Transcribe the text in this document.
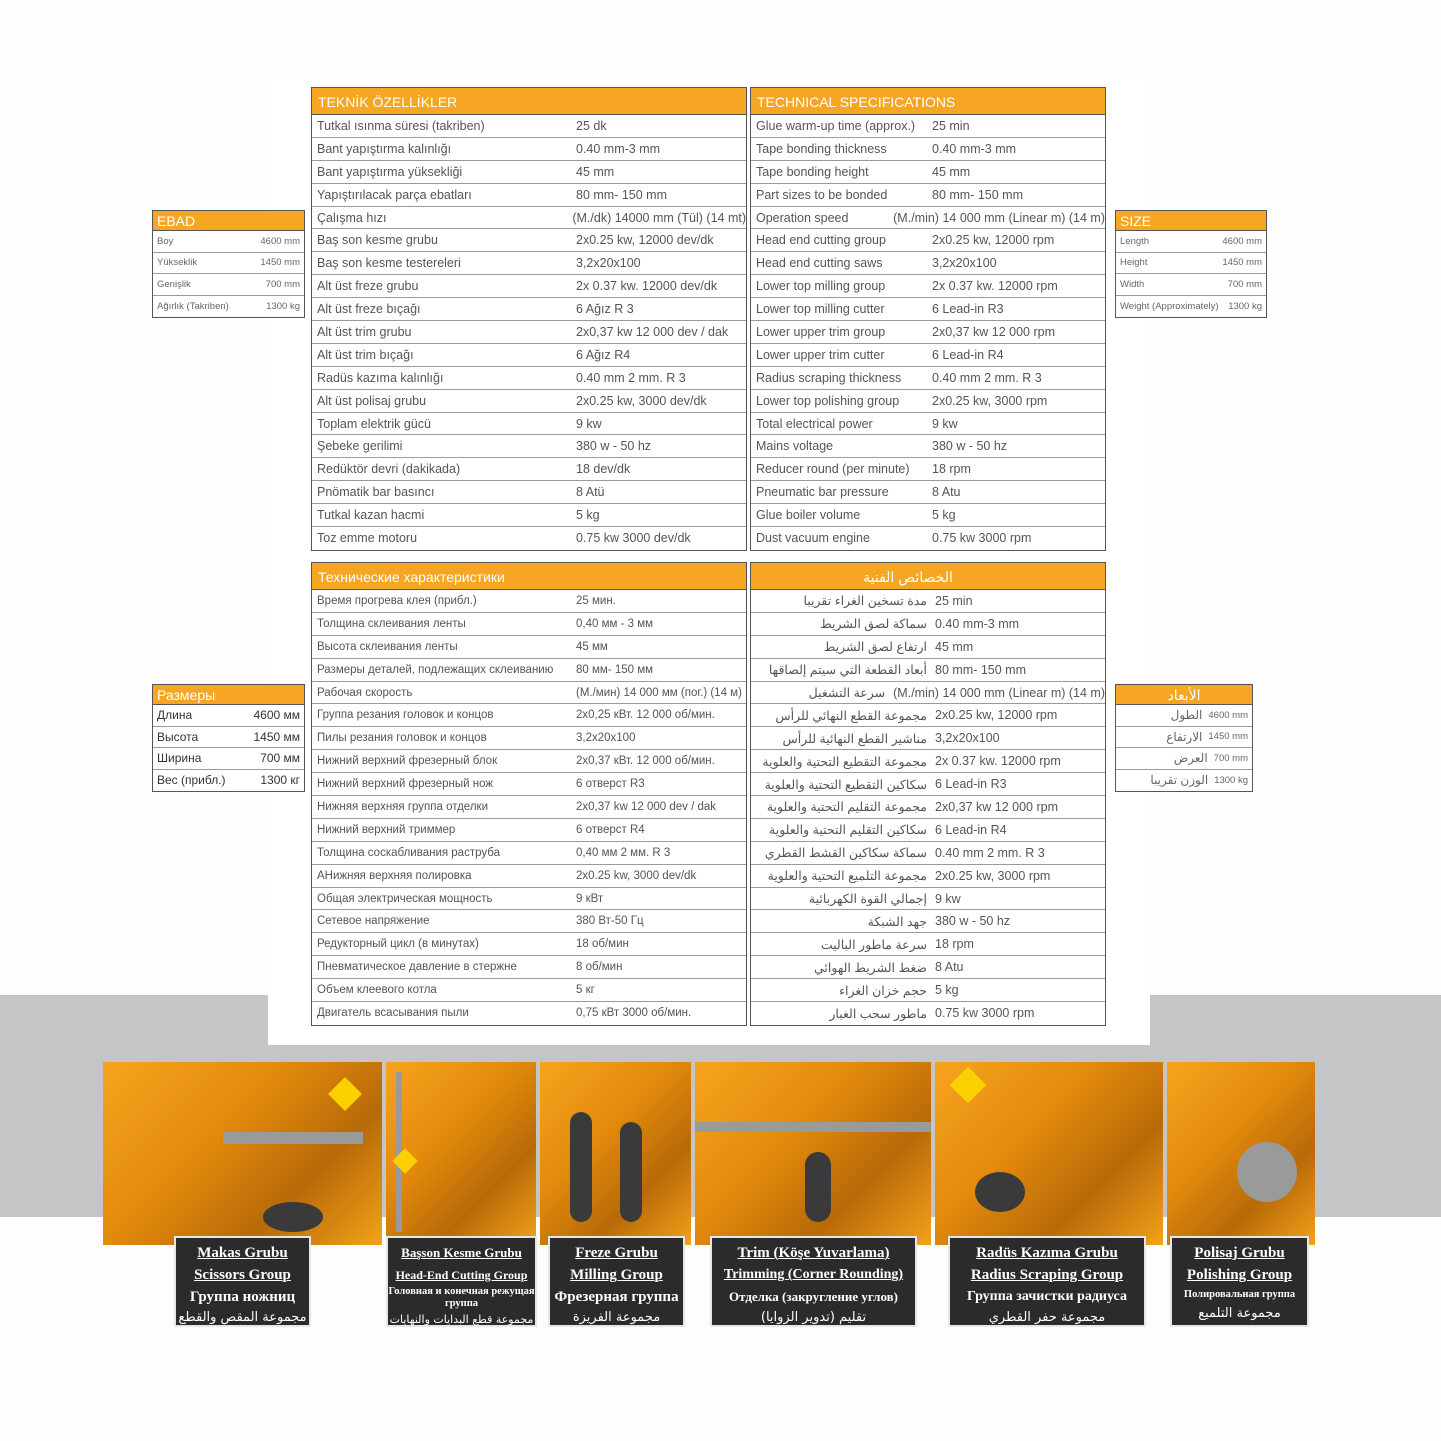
TEKNİK ÖZELLİKLER
Tutkal ısınma süresi (takriben)	25 dk
Bant yapıştırma kalınlığı	0.40 mm-3 mm
Bant yapıştırma yüksekliği	45 mm
Yapıştırılacak parça ebatları	80 mm- 150 mm
Çalışma hızı	(M./dk) 14000 mm (Tül) (14 mt)
Baş son kesme grubu	2x0.25 kw, 12000 dev/dk
Baş son kesme testereleri	3,2x20x100
Alt üst freze grubu	2x 0.37 kw. 12000 dev/dk
Alt üst freze bıçağı	6 Ağız R 3
Alt üst trim grubu	2x0,37 kw 12 000 dev / dak
Alt üst trim bıçağı	6 Ağız R4
Radüs kazıma kalınlığı	0.40 mm 2 mm. R 3
Alt üst polisaj grubu	2x0.25 kw, 3000 dev/dk
Toplam elektrik gücü	9 kw
Şebeke gerilimi	380 w - 50 hz
Redüktör devri (dakikada)	18 dev/dk
Pnömatik bar basıncı	8 Atü
Tutkal kazan hacmi	5 kg
Toz emme motoru	0.75 kw 3000 dev/dk
TECHNICAL SPECIFICATIONS
Glue warm-up time (approx.)	25 min
Tape bonding thickness	0.40 mm-3 mm
Tape bonding height	45 mm
Part sizes to be bonded	80 mm- 150 mm
Operation speed	(M./min) 14 000 mm (Linear m) (14 m)
Head end cutting group	2x0.25 kw, 12000 rpm
Head end cutting saws	3,2x20x100
Lower top milling group	2x 0.37 kw. 12000 rpm
Lower top milling cutter	6 Lead-in R3
Lower upper trim group	2x0,37 kw 12 000 rpm
Lower upper trim cutter	6 Lead-in R4
Radius scraping thickness	0.40 mm 2 mm. R 3
Lower top polishing group	2x0.25 kw, 3000 rpm
Total electrical power	9 kw
Mains voltage	380 w - 50 hz
Reducer round (per minute)	18 rpm
Pneumatic bar pressure	8 Atu
Glue boiler volume	5 kg
Dust vacuum engine	0.75 kw 3000 rpm
Технические характеристики
Время прогрева клея (прибл.)	25 мин.
Толщина склеивания ленты	0,40 мм - 3 мм
Высота склеивания ленты	45 мм
Размеры деталей, подлежащих склеиванию	80 мм- 150 мм
Рабочая скорость	(М./мин) 14 000 мм (пог.) (14 м)
Группа резания головок и концов	2x0,25 кВт. 12 000 об/мин.
Пилы резания головок и концов	3,2x20x100
Нижний верхний фрезерный блок	2x0,37 кВт. 12 000 об/мин.
Нижний верхний фрезерный нож	6 отверст R3
Нижняя верхняя группа отделки	2x0,37 kw 12 000 dev / dak
Нижний верхний триммер	6 отверст R4
Толщина соскабливания раструба	0,40 мм 2 мм. R 3
АНижняя верхняя полировка	2x0.25 kw, 3000 dev/dk
Общая электрическая мощность	9 кВт
Сетевое напряжение	380 Вт-50 Гц
Редукторный цикл (в минутах)	18 об/мин
Пневматическое давление в стержне	8 об/мин
Объем клеевого котла	5 кг
Двигатель всасывания пыли	0,75 кВт 3000 об/мин.
الخصائص الفنية
مدة تسخين الغراء تقريبا 25 min
سماكة لصق الشريط 0.40 mm-3 mm
ارتفاع لصق الشريط 45 mm
أبعاد القطعة التي سيتم إلصاقها 80 mm- 150 mm
سرعة التشغيل (M./min) 14 000 mm (Linear m) (14 m)
مجموعة القطع النهائي للرأس 2x0.25 kw, 12000 rpm
مناشير القطع النهائية للرأس 3,2x20x100
مجموعة التقطيع التحتية والعلوية 2x 0.37 kw. 12000 rpm
سكاكين التقطيع التحتية والعلوية 6 Lead-in R3
مجموعة التقليم التحتية والعلوية 2x0,37 kw 12 000 rpm
سكاكين التقليم التحتية والعلوية 6 Lead-in R4
سماكة سكاكين القشط القطري 0.40 mm 2 mm. R 3
مجموعة التلميع التحتية والعلوية 2x0.25 kw, 3000 rpm
إجمالي القوة الكهربائية 9 kw
جهد الشبكة 380 w - 50 hz
سرعة ماطور الباليت 18 rpm
ضغط الشريط الهوائي 8 Atu
حجم خزان الغراء 5 kg
ماطور سحب الغبار 0.75 kw 3000 rpm
EBAD
Boy	4600 mm
Yükseklik	1450 mm
Genişlik	700 mm
Ağırlık (Takriben)	1300 kg
SIZE
Length	4600 mm
Height	1450 mm
Width	700 mm
Weight (Approximately)	1300 kg
Размеры
Длина	4600 мм
Высота	1450 мм
Ширина	700 мм
Вес (прибл.)	1300 кг
الأبعاد
الطول 4600 mm
الارتفاع 1450 mm
العرض 700 mm
الوزن تقريبا 1300 kg
Makas Grubu
Scissors Group
Группа ножниц
مجموعة المقص والقطع
Başson Kesme Grubu
Head-End Cutting Group
Головная и конечная режущая группа
مجموعة قطع البدايات والنهايات
Freze Grubu
Milling Group
Фрезерная группа
مجموعة الفريزة
Trim (Köşe Yuvarlama)
Trimming (Corner Rounding)
Отделка (закругление углов)
تقليم (تدوير الزوايا)
Radüs Kazıma Grubu
Radius Scraping Group
Группа зачистки радиуса
مجموعة حفر القطري
Polisaj Grubu
Polishing Group
Полировальная группа
مجموعة التلميع
